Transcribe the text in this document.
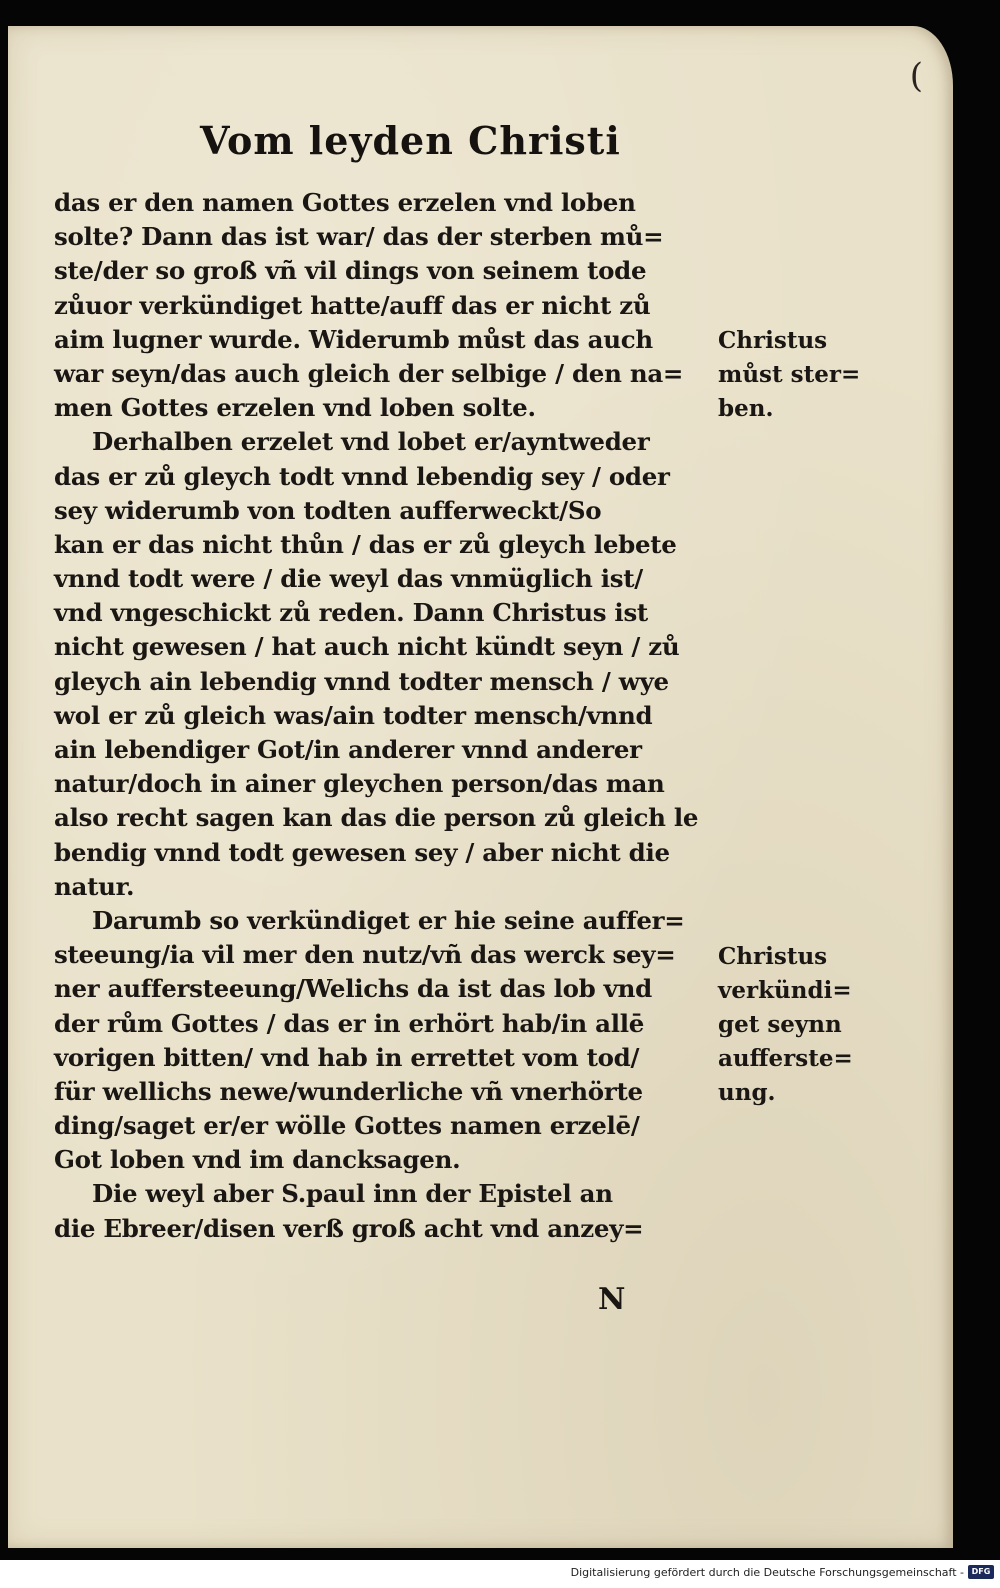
(
Vom leyden Christi
das er den namen Gottes erzelen vnd loben
solte? Dann das ist war/ das der sterben mů=
ste/der so groß vñ vil dings von seinem tode
zůuor verkündiget hatte/auff das er nicht zů
aim lugner wurde. Widerumb můst das auch
war seyn/das auch gleich der selbige / den na=
men Gottes erzelen vnd loben solte.
Derhalben erzelet vnd lobet er/ayntweder
das er zů gleych todt vnnd lebendig sey / oder
sey widerumb von todten aufferweckt/So
kan er das nicht thůn / das er zů gleych lebete
vnnd todt were / die weyl das vnmüglich ist/
vnd vngeschickt zů reden. Dann Christus ist
nicht gewesen / hat auch nicht kündt seyn / zů
gleych ain lebendig vnnd todter mensch / wye
wol er zů gleich was/ain todter mensch/vnnd
ain lebendiger Got/in anderer vnnd anderer
natur/doch in ainer gleychen person/das man
also recht sagen kan das die person zů gleich le
bendig vnnd todt gewesen sey / aber nicht die
natur.
Darumb so verkündiget er hie seine auffer=
steeung/ia vil mer den nutz/vñ das werck sey=
ner auffersteeung/Welichs da ist das lob vnd
der rům Gottes / das er in erhört hab/in allē
vorigen bitten/ vnd hab in errettet vom tod/
für wellichs newe/wunderliche vñ vnerhörte
ding/saget er/er wölle Gottes namen erzelē/
Got loben vnd im dancksagen.
Die weyl aber S.paul inn der Epistel an
die Ebreer/disen verß groß acht vnd anzey=
Christus
můst ster=
ben.
Christus
verkündi=
get seynn
aufferste=
ung.
N
Digitalisierung gefördert durch die Deutsche Forschungsgemeinschaft - DFG
